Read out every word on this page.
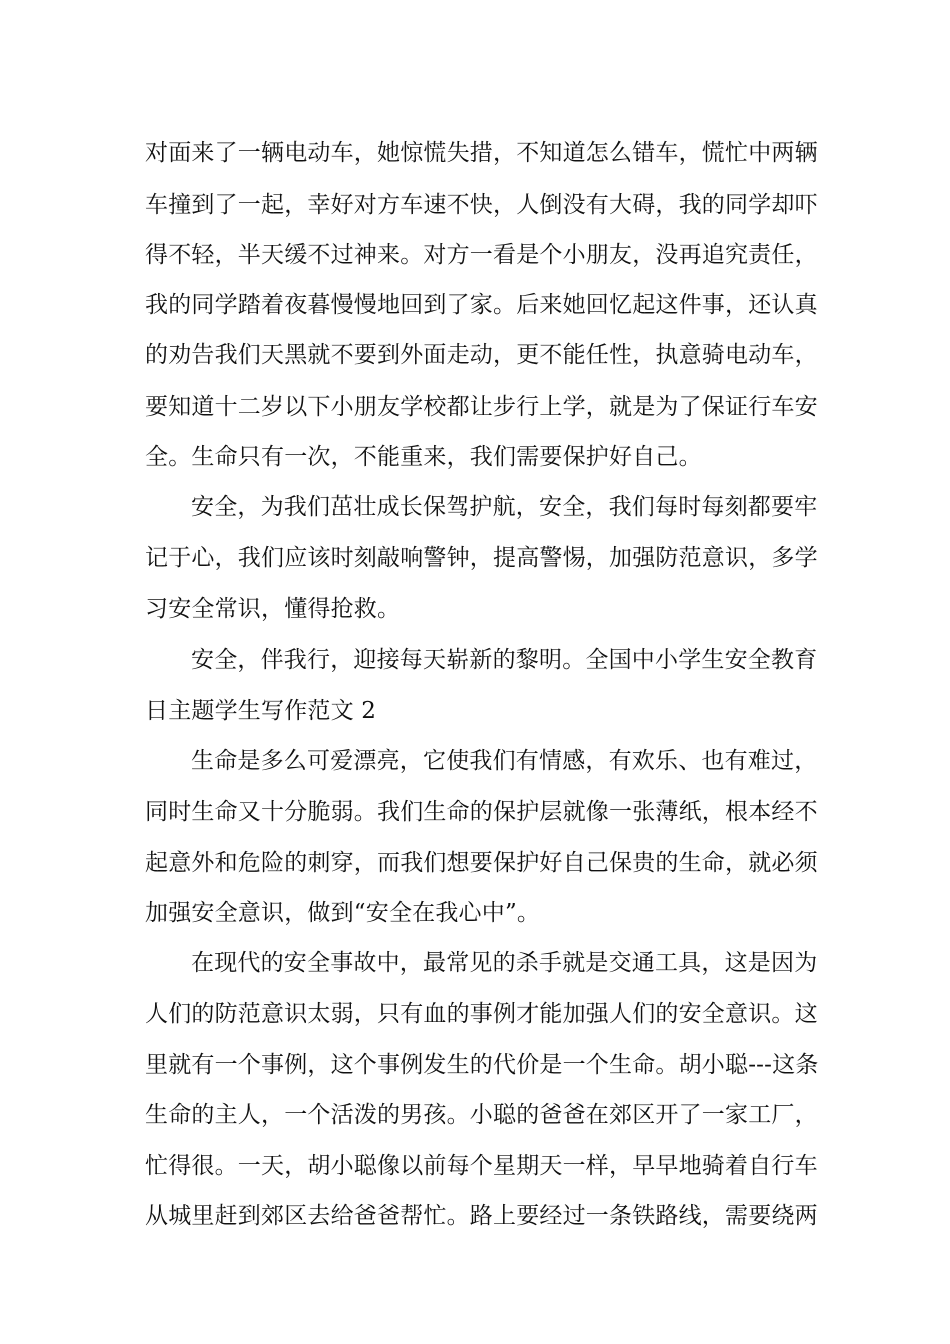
对面来了一辆电动车，她惊慌失措，不知道怎么错车，慌忙中两辆
车撞到了一起，幸好对方车速不快，人倒没有大碍，我的同学却吓
得不轻，半天缓不过神来。对方一看是个小朋友，没再追究责任，
我的同学踏着夜暮慢慢地回到了家。后来她回忆起这件事，还认真
的劝告我们天黑就不要到外面走动，更不能任性，执意骑电动车，
要知道十二岁以下小朋友学校都让步行上学，就是为了保证行车安
全。生命只有一次，不能重来，我们需要保护好自己。
安全，为我们茁壮成长保驾护航，安全，我们每时每刻都要牢
记于心，我们应该时刻敲响警钟，提高警惕，加强防范意识，多学
习安全常识，懂得抢救。
安全，伴我行，迎接每天崭新的黎明。全国中小学生安全教育
日主题学生写作范文 2
生命是多么可爱漂亮，它使我们有情感，有欢乐、也有难过，
同时生命又十分脆弱。我们生命的保护层就像一张薄纸，根本经不
起意外和危险的刺穿，而我们想要保护好自己保贵的生命，就必须
加强安全意识，做到“安全在我心中”。
在现代的安全事故中，最常见的杀手就是交通工具，这是因为
人们的防范意识太弱，只有血的事例才能加强人们的安全意识。这
里就有一个事例，这个事例发生的代价是一个生命。胡小聪---这条
生命的主人，一个活泼的男孩。小聪的爸爸在郊区开了一家工厂，
忙得很。一天，胡小聪像以前每个星期天一样，早早地骑着自行车
从城里赶到郊区去给爸爸帮忙。路上要经过一条铁路线，需要绕两
